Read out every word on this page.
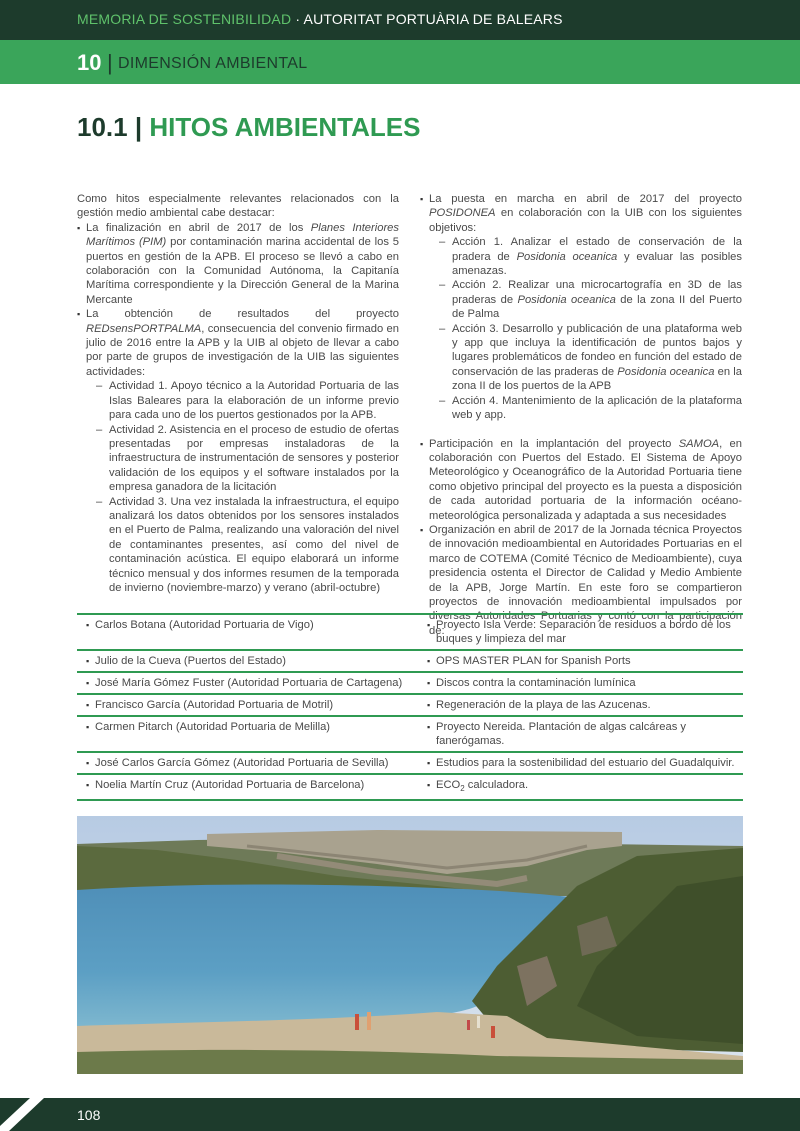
MEMORIA DE SOSTENIBILIDAD · AUTORITAT PORTUÀRIA DE BALEARS
10 | DIMENSIÓN AMBIENTAL
10.1 | HITOS AMBIENTALES

Como hitos especialmente relevantes relacionados con la gestión medio ambiental cabe destacar:

▪ La finalización en abril de 2017 de los Planes Interiores Marítimos (PIM) por contaminación marina accidental de los 5 puertos en gestión de la APB. El proceso se llevó a cabo en colaboración con la Comunidad Autónoma, la Capitanía Marítima correspondiente y la Dirección General de la Marina Mercante
▪ La obtención de resultados del proyecto REDsensPORTPALMA, consecuencia del convenio firmado en julio de 2016 entre la APB y la UIB al objeto de llevar a cabo por parte de grupos de investigación de la UIB las siguientes actividades:
– Actividad 1. Apoyo técnico a la Autoridad Portuaria de las Islas Baleares para la elaboración de un informe previo para cada uno de los puertos gestionados por la APB.
– Actividad 2. Asistencia en el proceso de estudio de ofertas presentadas por empresas instaladoras de la infraestructura de instrumentación de sensores y posterior validación de los equipos y el software instalados por la empresa ganadora de la licitación
– Actividad 3. Una vez instalada la infraestructura, el equipo analizará los datos obtenidos por los sensores instalados en el Puerto de Palma, realizando una valoración del nivel de contaminantes presentes, así como del nivel de contaminación acústica. El equipo elaborará un informe técnico mensual y dos informes resumen de la temporada de invierno (noviembre-marzo) y verano (abril-octubre)
▪ La puesta en marcha en abril de 2017 del proyecto POSIDONEA en colaboración con la UIB con los siguientes objetivos:
– Acción 1. Analizar el estado de conservación de la pradera de Posidonia oceanica y evaluar las posibles amenazas.
– Acción 2. Realizar una microcartografía en 3D de las praderas de Posidonia oceanica de la zona II del Puerto de Palma
– Acción 3. Desarrollo y publicación de una plataforma web y app que incluya la identificación de puntos bajos y lugares problemáticos de fondeo en función del estado de conservación de las praderas de Posidonia oceanica en la zona II de los puertos de la APB
– Acción 4. Mantenimiento de la aplicación de la plataforma web y app.
▪ Participación en la implantación del proyecto SAMOA, en colaboración con Puertos del Estado. El Sistema de Apoyo Meteorológico y Oceanográfico de la Autoridad Portuaria tiene como objetivo principal del proyecto es la puesta a disposición de cada autoridad portuaria de la información océano-meteorológica personalizada y adaptada a sus necesidades
▪ Organización en abril de 2017 de la Jornada técnica Proyectos de innovación medioambiental en Autoridades Portuarias en el marco de COTEMA (Comité Técnico de Medioambiente), cuya presidencia ostenta el Director de Calidad y Medio Ambiente de la APB, Jorge Martín. En este foro se compartieron proyectos de innovación medioambiental impulsados por diversas Autoridades Portuarias y contó con la participación de:
▪ Carlos Botana (Autoridad Portuaria de Vigo)	▪ Proyecto Isla Verde: Separación de residuos a bordo de los buques y limpieza del mar

▪ Julio de la Cueva (Puertos del Estado)	▪ OPS MASTER PLAN for Spanish Ports

▪ José María Gómez Fuster (Autoridad Portuaria de Cartagena)	▪ Discos contra la contaminación lumínica

▪ Francisco García (Autoridad Portuaria de Motril)	▪ Regeneración de la playa de las Azucenas.

▪ Carmen Pitarch (Autoridad Portuaria de Melilla)	▪ Proyecto Nereida. Plantación de algas calcáreas y fanerógamas.

▪ José Carlos García Gómez (Autoridad Portuaria de Sevilla)	▪ Estudios para la sostenibilidad del estuario del Guadalquivir.

▪ Noelia Martín Cruz (Autoridad Portuaria de Barcelona)	▪ $ECO_2$ calculadora.
108
